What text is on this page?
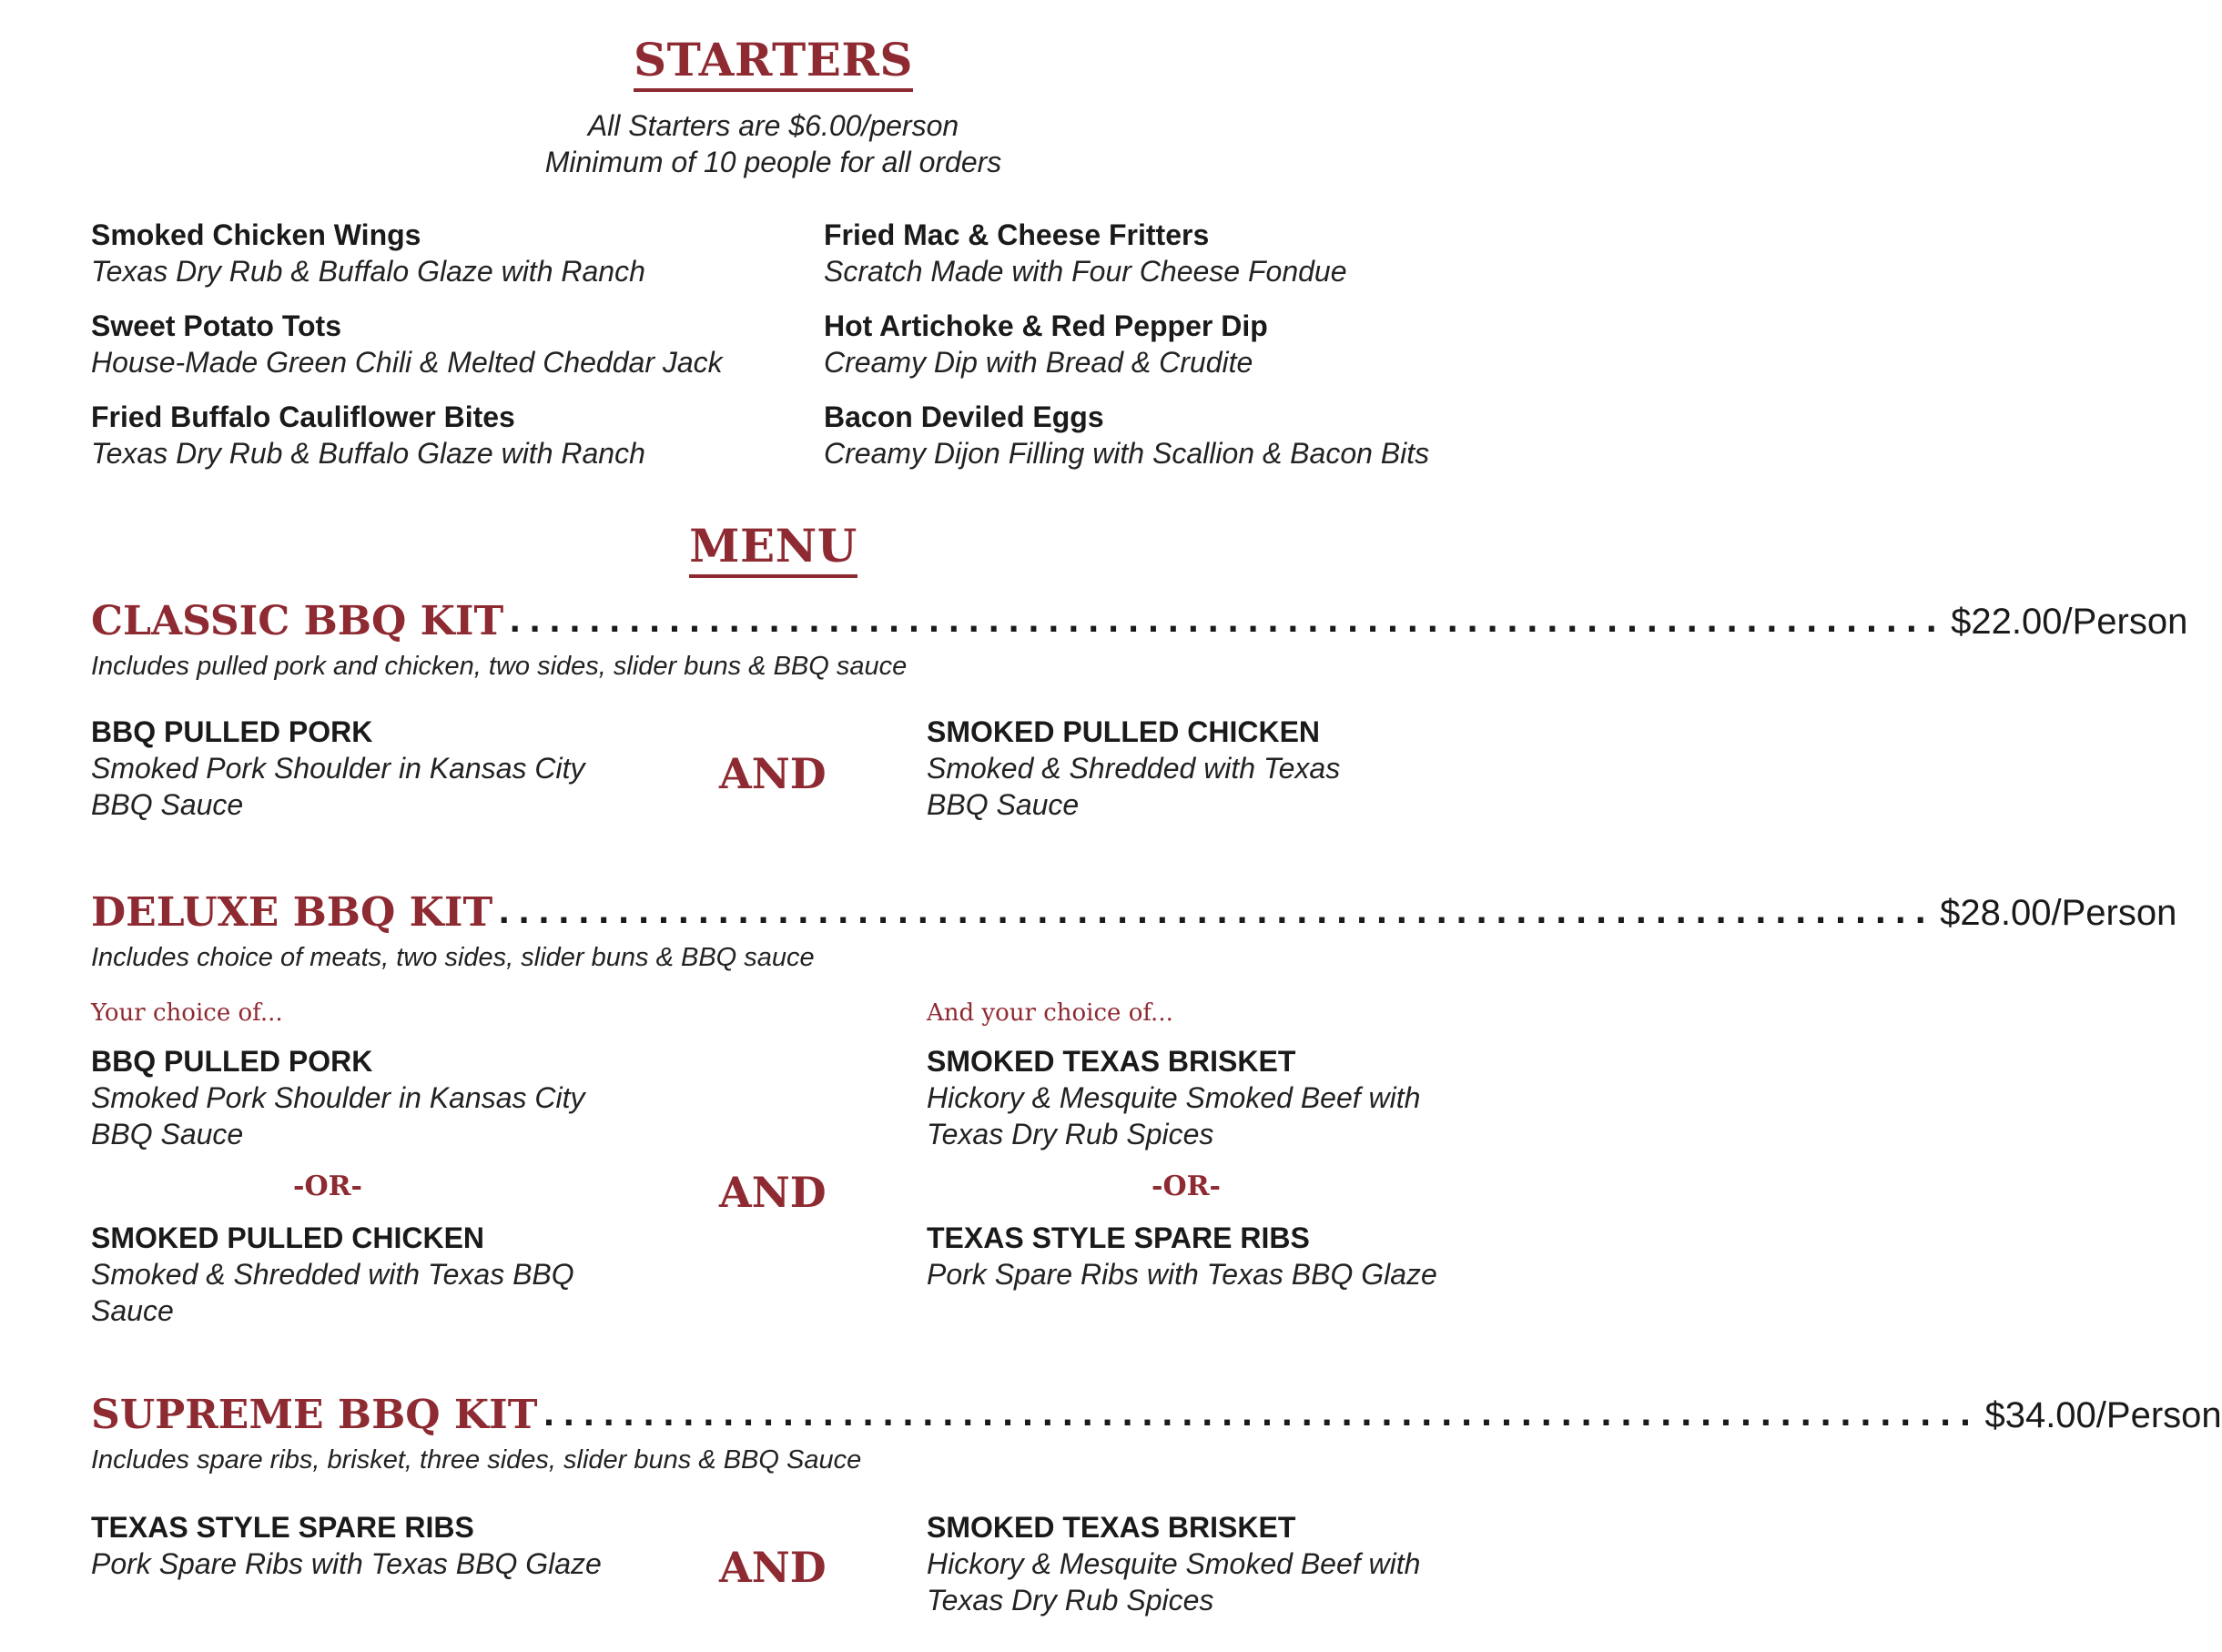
STARTERS
All Starters are $6.00/person
Minimum of 10 people for all orders
Smoked Chicken Wings
Texas Dry Rub & Buffalo Glaze with Ranch
Sweet Potato Tots
House-Made Green Chili & Melted Cheddar Jack
Fried Buffalo Cauliflower Bites
Texas Dry Rub & Buffalo Glaze with Ranch
Fried Mac & Cheese Fritters
Scratch Made with Four Cheese Fondue
Hot Artichoke & Red Pepper Dip
Creamy Dip with Bread & Crudite
Bacon Deviled Eggs
Creamy Dijon Filling with Scallion & Bacon Bits
MENU
CLASSIC BBQ KIT ........................................................................ $22.00/Person
Includes pulled pork and chicken, two sides, slider buns & BBQ sauce
BBQ PULLED PORK
Smoked Pork Shoulder in Kansas City
BBQ Sauce
AND
SMOKED PULLED CHICKEN
Smoked & Shredded with Texas
BBQ Sauce
DELUXE BBQ KIT ........................................................................ $28.00/Person
Includes choice of meats, two sides, slider buns & BBQ sauce
Your choice of...	And your choice of...
BBQ PULLED PORK
Smoked Pork Shoulder in Kansas City
BBQ Sauce
-OR-
SMOKED PULLED CHICKEN
Smoked & Shredded with Texas BBQ
Sauce
AND
SMOKED TEXAS BRISKET
Hickory & Mesquite Smoked Beef with
Texas Dry Rub Spices
-OR-
TEXAS STYLE SPARE RIBS
Pork Spare Ribs with Texas BBQ Glaze
SUPREME BBQ KIT ........................................................................ $34.00/Person
Includes spare ribs, brisket, three sides, slider buns & BBQ Sauce
TEXAS STYLE SPARE RIBS
Pork Spare Ribs with Texas BBQ Glaze	AND
SMOKED TEXAS BRISKET
Hickory & Mesquite Smoked Beef with
Texas Dry Rub Spices
